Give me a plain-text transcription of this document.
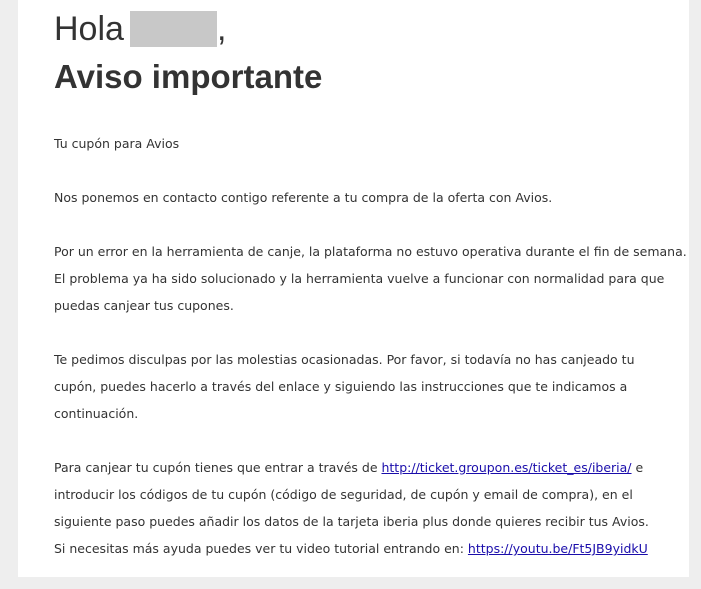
Hola	,
Aviso importante

Tu cupón para Avios

Nos ponemos en contacto contigo referente a tu compra de la oferta con Avios.

Por un error en la herramienta de canje, la plataforma no estuvo operativa durante el fin de semana.
El problema ya ha sido solucionado y la herramienta vuelve a funcionar con normalidad para que
puedas canjear tus cupones.

Te pedimos disculpas por las molestias ocasionadas. Por favor, si todavía no has canjeado tu
cupón, puedes hacerlo a través del enlace y siguiendo las instrucciones que te indicamos a
continuación.

Para canjear tu cupón tienes que entrar a través de http://ticket.groupon.es/ticket_es/iberia/ e
introducir los códigos de tu cupón (código de seguridad, de cupón y email de compra), en el
siguiente paso puedes añadir los datos de la tarjeta iberia plus donde quieres recibir tus Avios.
Si necesitas más ayuda puedes ver tu video tutorial entrando en: https://youtu.be/Ft5JB9yidkU
